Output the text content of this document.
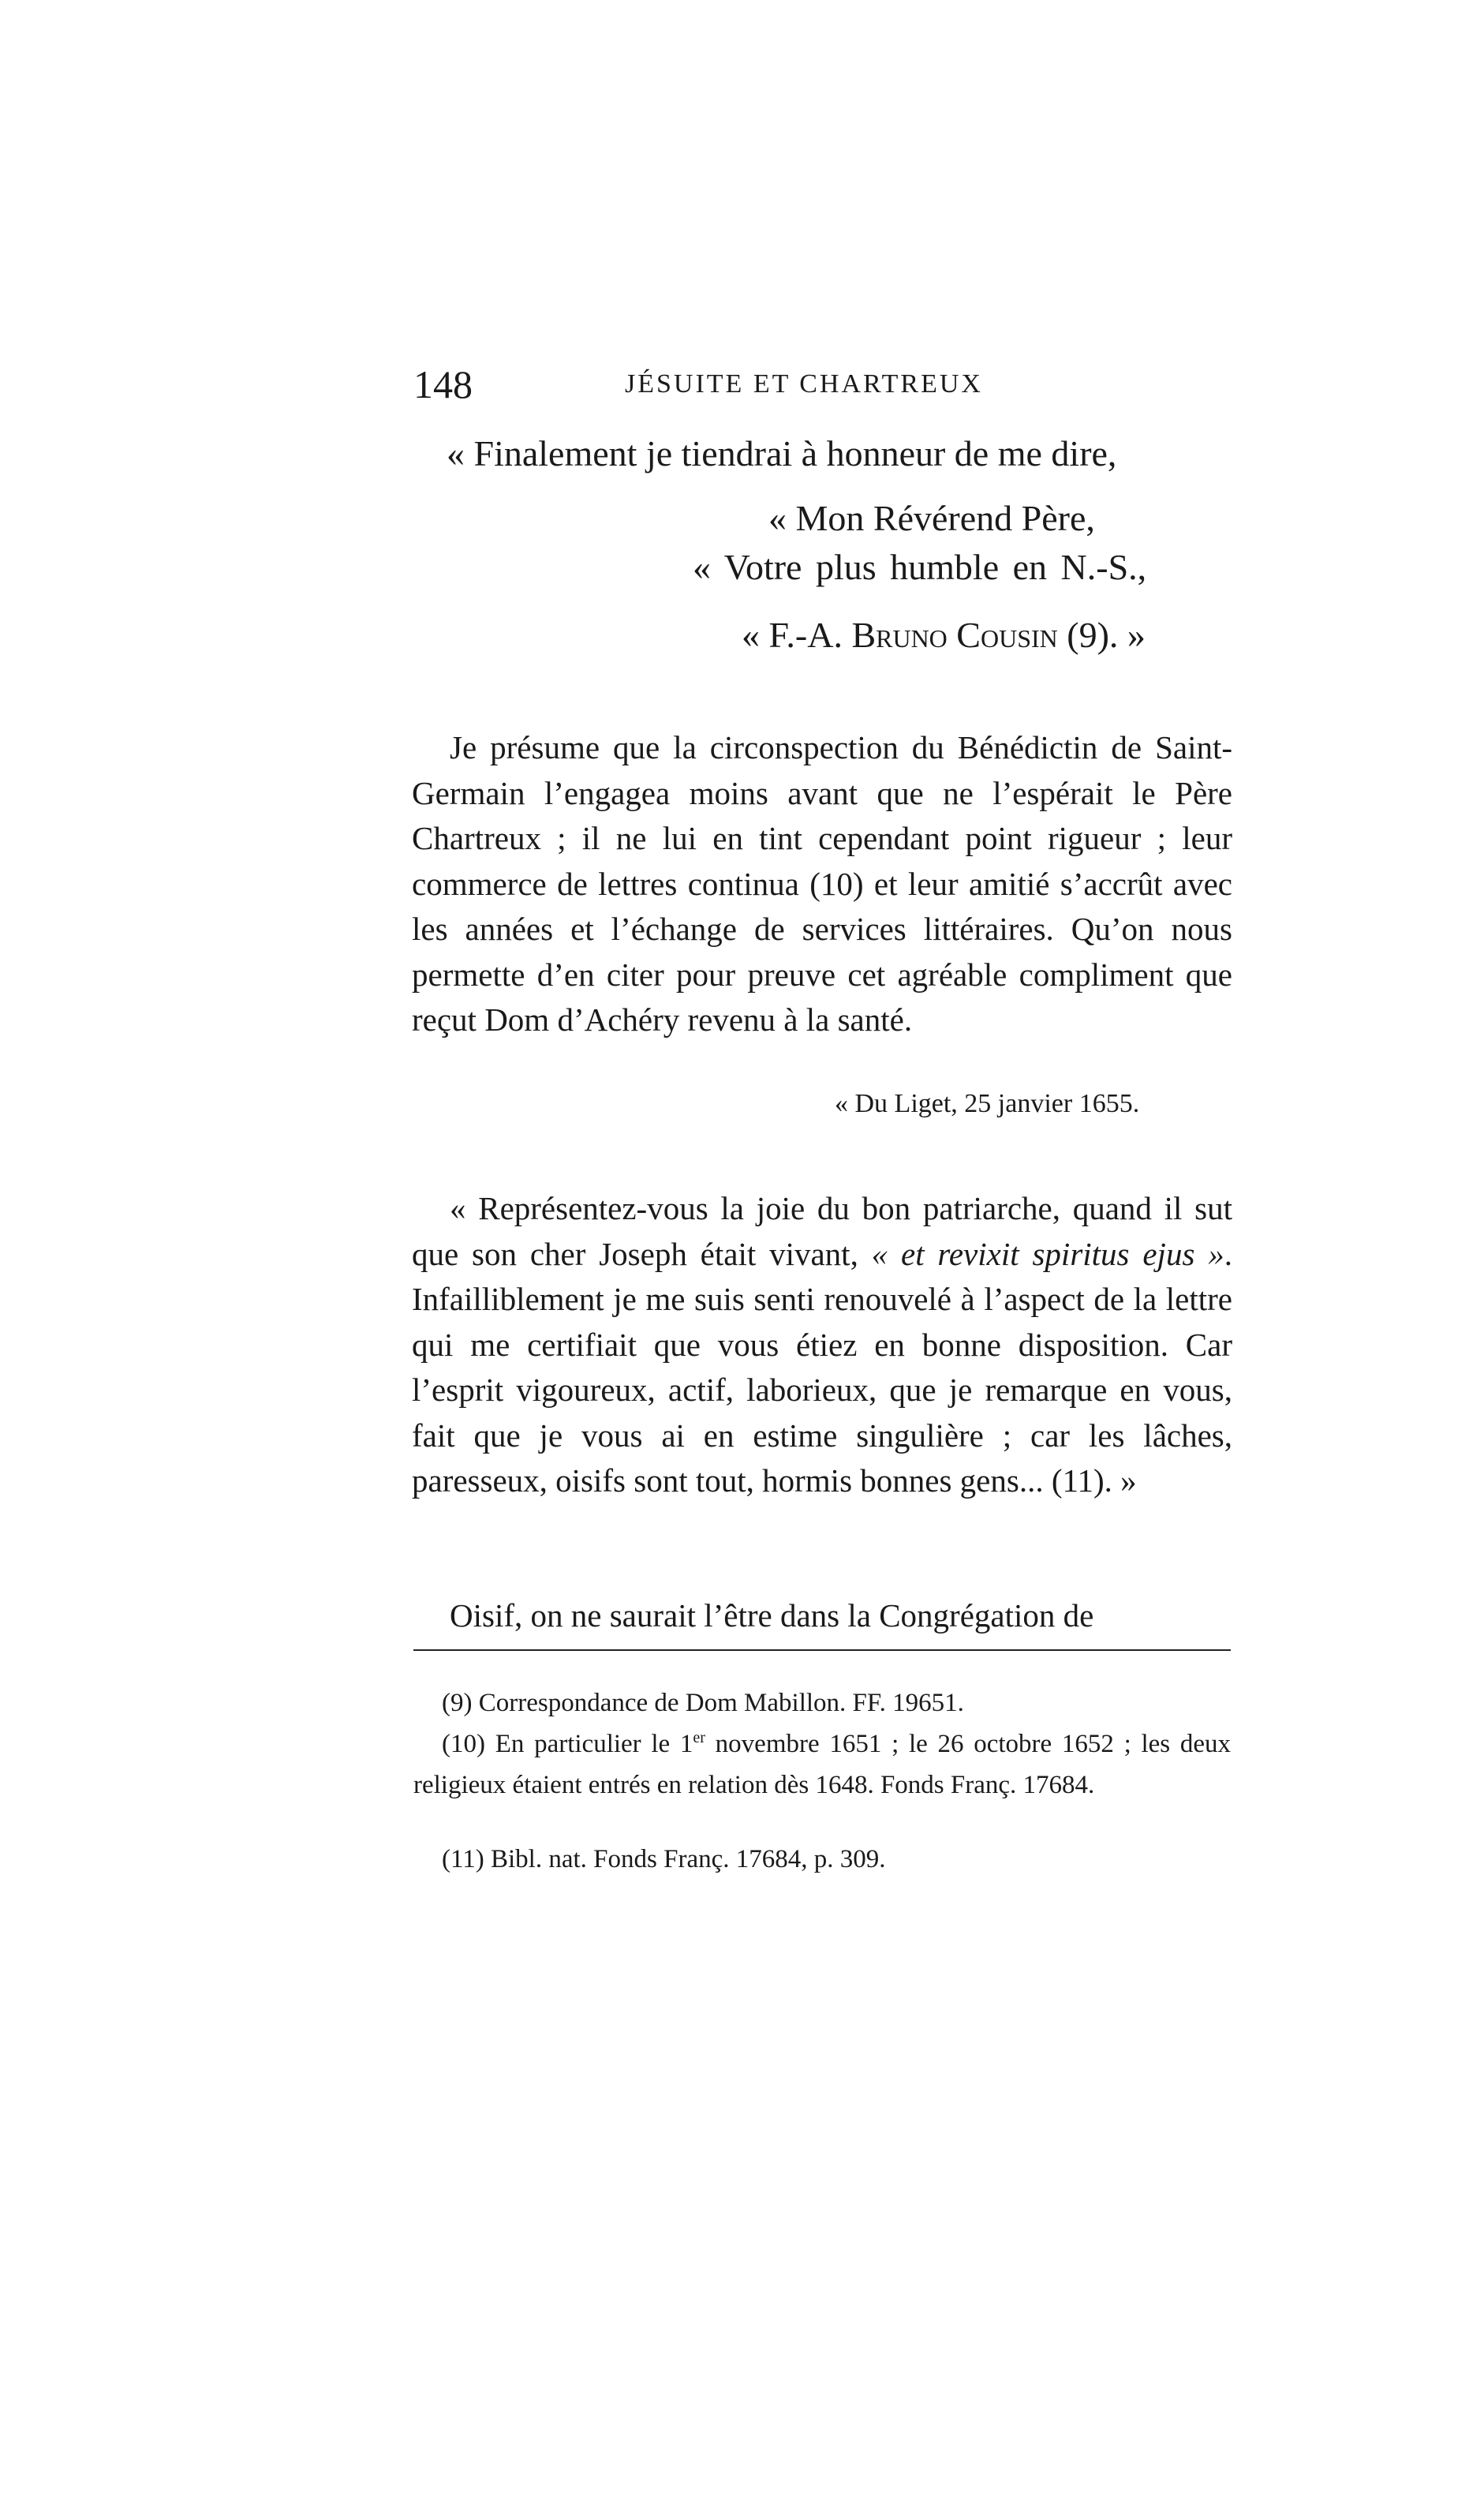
148	JÉSUITE ET CHARTREUX
« Finalement je tiendrai à honneur de me dire,
« Mon Révérend Père,
« Votre plus humble en N.-S.,
« F.-A. Bruno Cousin (9). »

Je présume que la circonspection du Bénédictin de Saint-Germain l’engagea moins avant que ne l’espérait le Père Chartreux ; il ne lui en tint cependant point rigueur ; leur commerce de lettres continua (10) et leur amitié s’accrût avec les années et l’échange de services littéraires. Qu’on nous permette d’en citer pour preuve cet agréable compliment que reçut Dom d’Achéry revenu à la santé.

« Du Liget, 25 janvier 1655.

« Représentez-vous la joie du bon patriarche, quand il sut que son cher Joseph était vivant, « et revixit spiritus ejus ». Infailliblement je me suis senti renouvelé à l’aspect de la lettre qui me certifiait que vous étiez en bonne disposition. Car l’esprit vigoureux, actif, laborieux, que je remarque en vous, fait que je vous ai en estime singulière ; car les lâches, paresseux, oisifs sont tout, hormis bonnes gens... (11). »

Oisif, on ne saurait l’être dans la Congrégation de

(9) Correspondance de Dom Mabillon. FF. 19651.
(10) En particulier le 1er novembre 1651 ; le 26 octobre 1652 ; les deux religieux étaient entrés en relation dès 1648. Fonds Franç. 17684.
(11) Bibl. nat. Fonds Franç. 17684, p. 309.
